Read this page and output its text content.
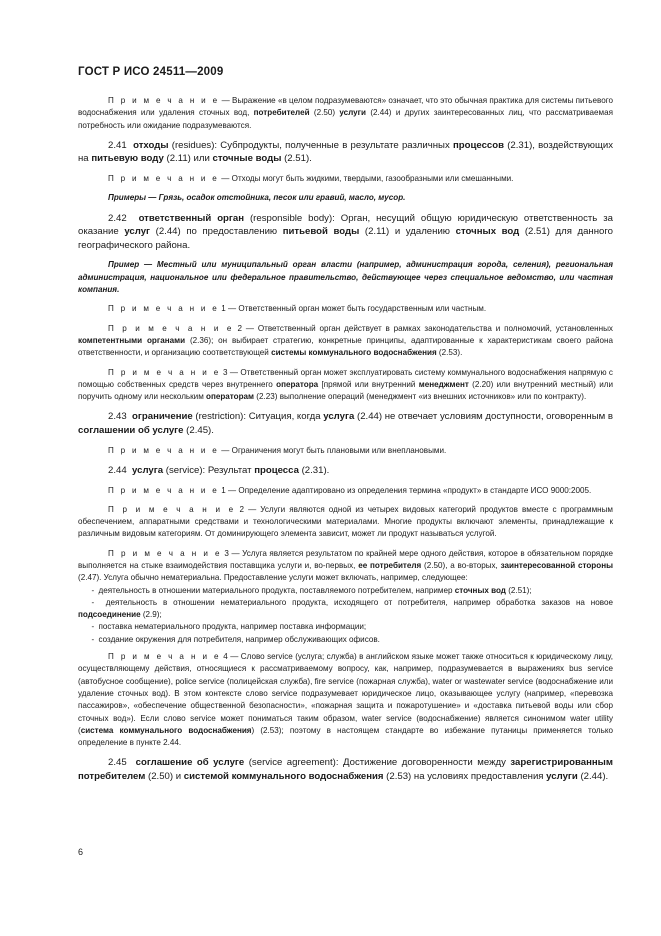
ГОСТ Р ИСО 24511—2009

П р и м е ч а н и е — Выражение «в целом подразумеваются» означает, что это обычная практика для системы питьевого водоснабжения или удаления сточных вод, потребителей (2.50) услуги (2.44) и других заинтересованных лиц, что рассматриваемая потребность или ожидание подразумеваются.

2.41 отходы (residues): Субпродукты, полученные в результате различных процессов (2.31), воздействующих на питьевую воду (2.11) или сточные воды (2.51).

П р и м е ч а н и е — Отходы могут быть жидкими, твердыми, газообразными или смешанными.

Примеры — Грязь, осадок отстойника, песок или гравий, масло, мусор.

2.42 ответственный орган (responsible body): Орган, несущий общую юридическую ответственность за оказание услуг (2.44) по предоставлению питьевой воды (2.11) и удалению сточных вод (2.51) для данного географического района.

Пример — Местный или муниципальный орган власти (например, администрация города, селения), региональная администрация, национальное или федеральное правительство, действующее через специальное ведомство, или частная компания.

П р и м е ч а н и е 1 — Ответственный орган может быть государственным или частным.

П р и м е ч а н и е 2 — Ответственный орган действует в рамках законодательства и полномочий, установленных компетентными органами (2.36); он выбирает стратегию, конкретные принципы, адаптированные к характеристикам своего района ответственности, и организацию соответствующей системы коммунального водоснабжения (2.53).

П р и м е ч а н и е 3 — Ответственный орган может эксплуатировать систему коммунального водоснабжения напрямую с помощью собственных средств через внутреннего оператора [прямой или внутренний менеджмент (2.20) или внутренний местный) или поручить одному или нескольким операторам (2.23) выполнение операций (менеджмент «из внешних источников» или по контракту).

2.43 ограничение (restriction): Ситуация, когда услуга (2.44) не отвечает условиям доступности, оговоренным в соглашении об услуге (2.45).

П р и м е ч а н и е — Ограничения могут быть плановыми или внеплановыми.

2.44 услуга (service): Результат процесса (2.31).

П р и м е ч а н и е 1 — Определение адаптировано из определения термина «продукт» в стандарте ИСО 9000:2005.

П р и м е ч а н и е 2 — Услуги являются одной из четырех видовых категорий продуктов вместе с программным обеспечением, аппаратными средствами и технологическими материалами. Многие продукты включают элементы, принадлежащие к различным видовым категориям. От доминирующего элемента зависит, может ли продукт называться услугой.

П р и м е ч а н и е 3 — Услуга является результатом по крайней мере одного действия, которое в обязательном порядке выполняется на стыке взаимодействия поставщика услуги и, во-первых, ее потребителя (2.50), а во-вторых, заинтересованной стороны (2.47). Услуга обычно нематериальна. Предоставление услуги может включать, например, следующее:

- деятельность в отношении материального продукта, поставляемого потребителем, например сточных вод (2.51);

- деятельность в отношении нематериального продукта, исходящего от потребителя, например обработка заказов на новое подсоединение (2.9);

- поставка нематериального продукта, например поставка информации;

- создание окружения для потребителя, например обслуживающих офисов.

П р и м е ч а н и е 4 — Слово service (услуга; служба) в английском языке может также относиться к юридическому лицу, осуществляющему действия, относящиеся к рассматриваемому вопросу, как, например, подразумевается в выражениях bus service (автобусное сообщение), police service (полицейская служба), fire service (пожарная служба), water or wastewater service (водоснабжение или удаление сточных вод). В этом контексте слово service подразумевает юридическое лицо, оказывающее услугу (например, «перевозка пассажиров», «обеспечение общественной безопасности», «пожарная защита и пожаротушение» и «доставка питьевой воды или сбор сточных вод»). Если слово service может пониматься таким образом, water service (водоснабжение) является синонимом water utility (система коммунального водоснабжения) (2.53); поэтому в настоящем стандарте во избежание путаницы применяется только определение в пункте 2.44.

2.45 соглашение об услуге (service agreement): Достижение договоренности между зарегистрированным потребителем (2.50) и системой коммунального водоснабжения (2.53) на условиях предоставления услуги (2.44).

6
